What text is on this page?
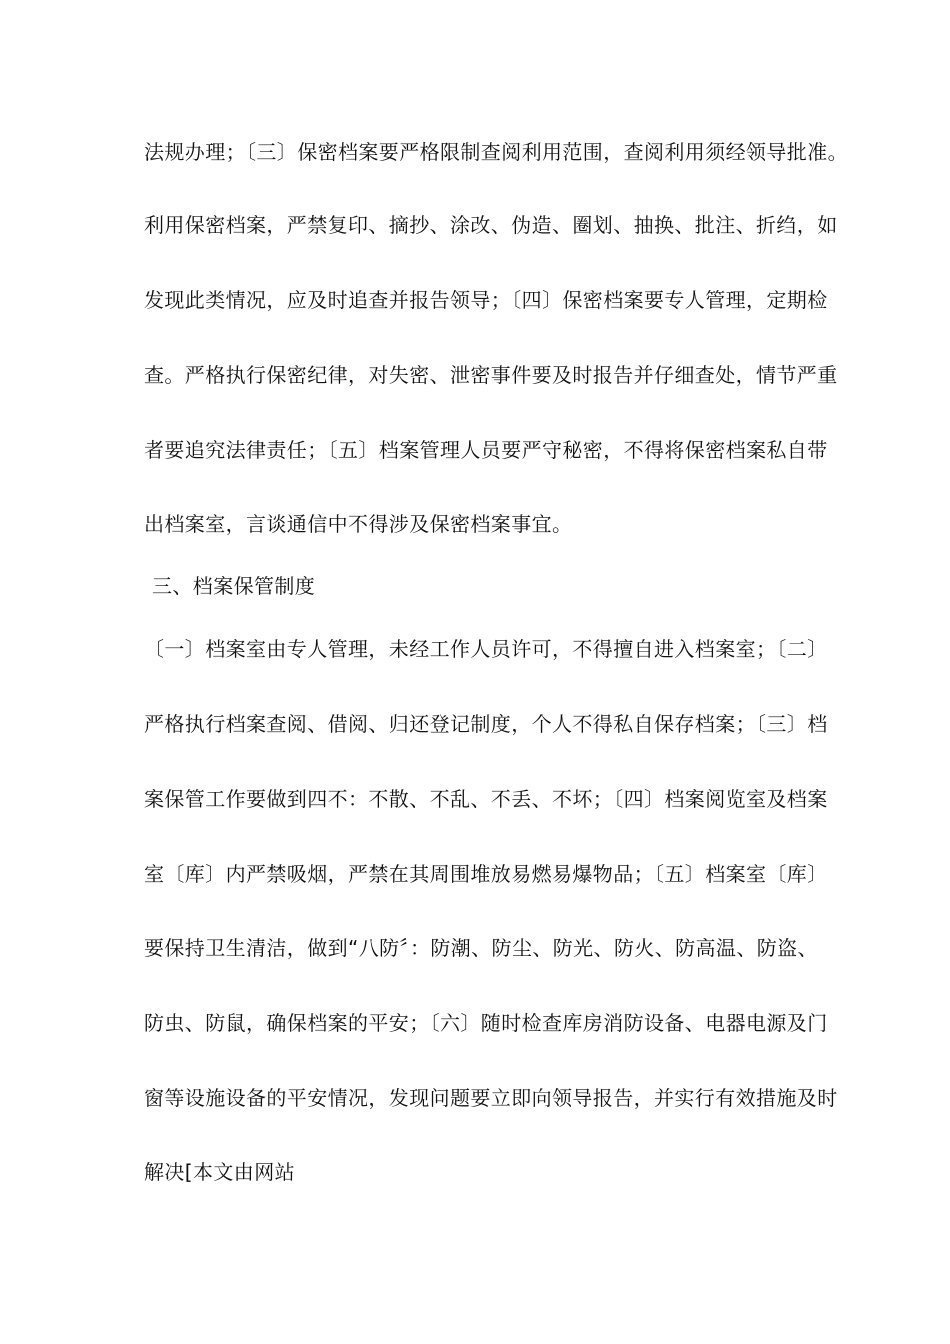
法规办理；〔三〕保密档案要严格限制查阅利用范围，查阅利用须经领导批准。
利用保密档案，严禁复印、摘抄、涂改、伪造、圈划、抽换、批注、折绉，如
发现此类情况，应及时追查并报告领导；〔四〕保密档案要专人管理，定期检
查。严格执行保密纪律，对失密、泄密事件要及时报告并仔细查处，情节严重
者要追究法律责任；〔五〕档案管理人员要严守秘密，不得将保密档案私自带
出档案室，言谈通信中不得涉及保密档案事宜。
三、档案保管制度
〔一〕档案室由专人管理，未经工作人员许可，不得擅自进入档案室；〔二〕
严格执行档案查阅、借阅、归还登记制度，个人不得私自保存档案；〔三〕档
案保管工作要做到四不：不散、不乱、不丢、不坏；〔四〕档案阅览室及档案
室〔库〕内严禁吸烟，严禁在其周围堆放易燃易爆物品；〔五〕档案室〔库〕
要保持卫生清洁，做到“八防〞：防潮、防尘、防光、防火、防高温、防盗、
防虫、防鼠，确保档案的平安；〔六〕随时检查库房消防设备、电器电源及门
窗等设施设备的平安情况，发现问题要立即向领导报告，并实行有效措施及时
解决[本文由网站
